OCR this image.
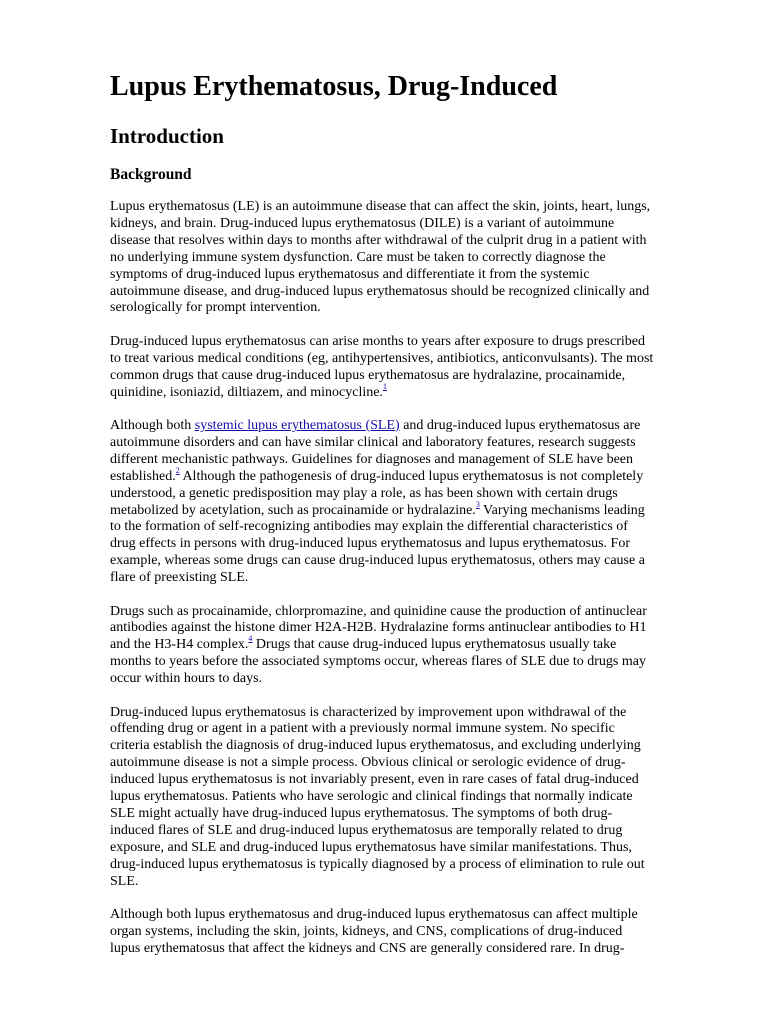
Lupus Erythematosus, Drug-Induced
Introduction
Background

Lupus erythematosus (LE) is an autoimmune disease that can affect the skin, joints, heart, lungs,
kidneys, and brain. Drug-induced lupus erythematosus (DILE) is a variant of autoimmune
disease that resolves within days to months after withdrawal of the culprit drug in a patient with
no underlying immune system dysfunction. Care must be taken to correctly diagnose the
symptoms of drug-induced lupus erythematosus and differentiate it from the systemic
autoimmune disease, and drug-induced lupus erythematosus should be recognized clinically and
serologically for prompt intervention.

Drug-induced lupus erythematosus can arise months to years after exposure to drugs prescribed
to treat various medical conditions (eg, antihypertensives, antibiotics, anticonvulsants). The most
common drugs that cause drug-induced lupus erythematosus are hydralazine, procainamide,
quinidine, isoniazid, diltiazem, and minocycline.$^1$

Although both systemic lupus erythematosus (SLE) and drug-induced lupus erythematosus are
autoimmune disorders and can have similar clinical and laboratory features, research suggests
different mechanistic pathways. Guidelines for diagnoses and management of SLE have been
established.$^2$ Although the pathogenesis of drug-induced lupus erythematosus is not completely
understood, a genetic predisposition may play a role, as has been shown with certain drugs
metabolized by acetylation, such as procainamide or hydralazine.$^3$ Varying mechanisms leading
to the formation of self-recognizing antibodies may explain the differential characteristics of
drug effects in persons with drug-induced lupus erythematosus and lupus erythematosus. For
example, whereas some drugs can cause drug-induced lupus erythematosus, others may cause a
flare of preexisting SLE.

Drugs such as procainamide, chlorpromazine, and quinidine cause the production of antinuclear
antibodies against the histone dimer H2A-H2B. Hydralazine forms antinuclear antibodies to H1
and the H3-H4 complex.$^4$ Drugs that cause drug-induced lupus erythematosus usually take
months to years before the associated symptoms occur, whereas flares of SLE due to drugs may
occur within hours to days.

Drug-induced lupus erythematosus is characterized by improvement upon withdrawal of the
offending drug or agent in a patient with a previously normal immune system. No specific
criteria establish the diagnosis of drug-induced lupus erythematosus, and excluding underlying
autoimmune disease is not a simple process. Obvious clinical or serologic evidence of drug-
induced lupus erythematosus is not invariably present, even in rare cases of fatal drug-induced
lupus erythematosus. Patients who have serologic and clinical findings that normally indicate
SLE might actually have drug-induced lupus erythematosus. The symptoms of both drug-
induced flares of SLE and drug-induced lupus erythematosus are temporally related to drug
exposure, and SLE and drug-induced lupus erythematosus have similar manifestations. Thus,
drug-induced lupus erythematosus is typically diagnosed by a process of elimination to rule out
SLE.

Although both lupus erythematosus and drug-induced lupus erythematosus can affect multiple
organ systems, including the skin, joints, kidneys, and CNS, complications of drug-induced
lupus erythematosus that affect the kidneys and CNS are generally considered rare. In drug-
